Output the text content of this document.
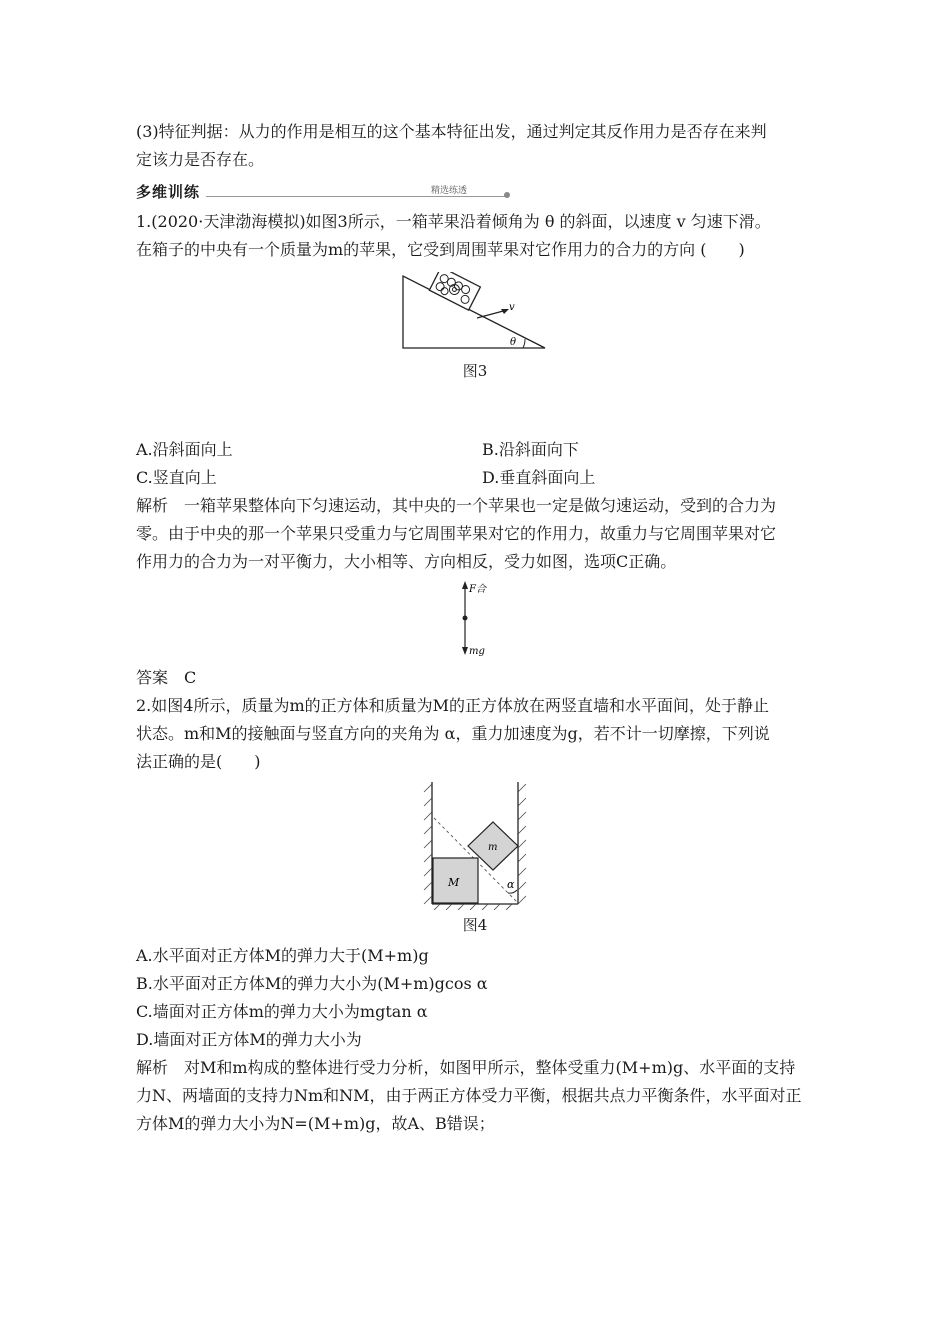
(3)特征判据：从力的作用是相互的这个基本特征出发，通过判定其反作用力是否存在来判
定该力是否存在。
多维训练	精选练透
1.(2020·天津渤海模拟)如图3所示，一箱苹果沿着倾角为 θ 的斜面，以速度 v 匀速下滑。
在箱子的中央有一个质量为m的苹果，它受到周围苹果对它作用力的合力的方向 (　　)
v
θ
图3
A.沿斜面向上	B.沿斜面向下
C.竖直向上	D.垂直斜面向上
解析　一箱苹果整体向下匀速运动，其中央的一个苹果也一定是做匀速运动，受到的合力为
零。由于中央的那一个苹果只受重力与它周围苹果对它的作用力，故重力与它周围苹果对它
作用力的合力为一对平衡力，大小相等、方向相反，受力如图，选项C正确。
F合
mg
答案　C
2.如图4所示，质量为m的正方体和质量为M的正方体放在两竖直墙和水平面间，处于静止
状态。m和M的接触面与竖直方向的夹角为 α，重力加速度为g，若不计一切摩擦，下列说
法正确的是(　　)
M
m
α
图4
A.水平面对正方体M的弹力大于(M+m)g
B.水平面对正方体M的弹力大小为(M+m)gcos α
C.墙面对正方体m的弹力大小为mgtan α
D.墙面对正方体M的弹力大小为
解析　对M和m构成的整体进行受力分析，如图甲所示，整体受重力(M+m)g、水平面的支持
力N、两墙面的支持力Nm和NM，由于两正方体受力平衡，根据共点力平衡条件，水平面对正
方体M的弹力大小为N=(M+m)g，故A、B错误；
